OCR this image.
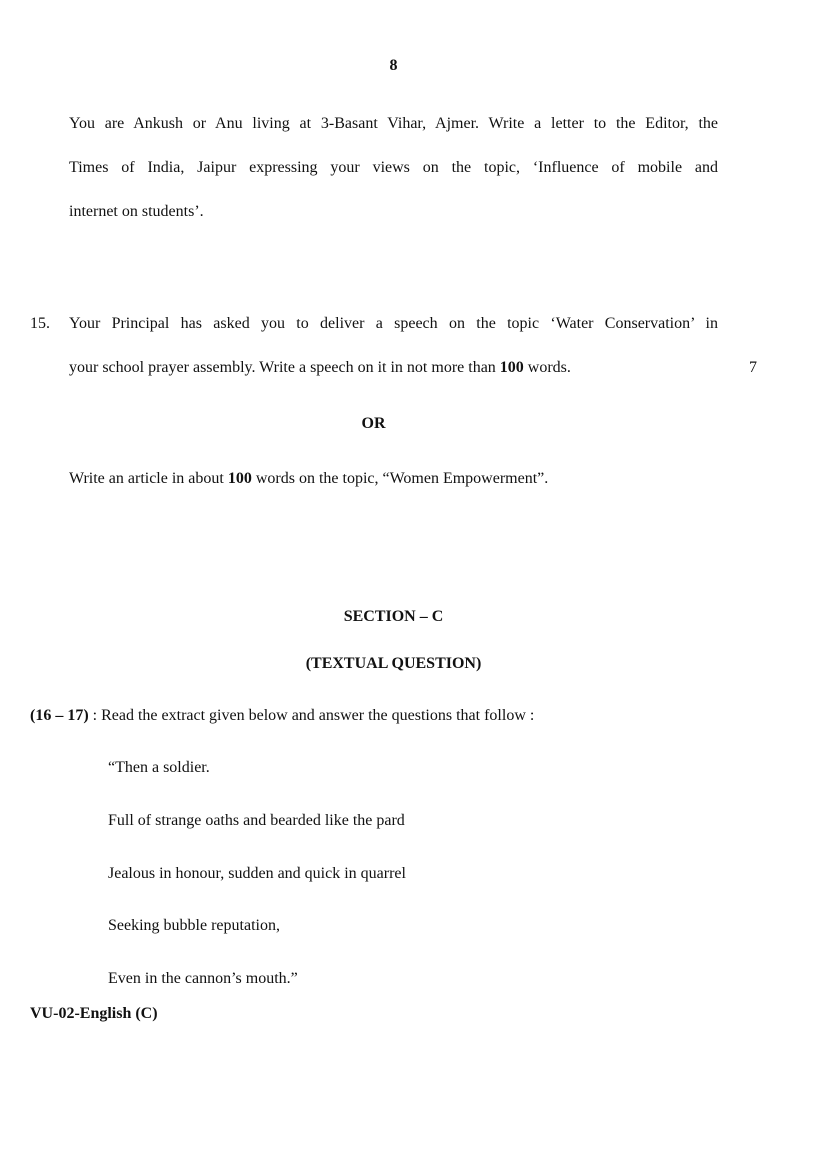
8
You are Ankush or Anu living at 3-Basant Vihar, Ajmer. Write a letter to the Editor, the
Times of India, Jaipur expressing your views on the topic, ‘Influence of mobile and
internet on students’.
15. Your Principal has asked you to deliver a speech on the topic ‘Water Conservation’ in
your school prayer assembly. Write a speech on it in not more than 100 words.	7
OR
Write an article in about 100 words on the topic, “Women Empowerment”.
SECTION – C
(TEXTUAL QUESTION)
(16 – 17) : Read the extract given below and answer the questions that follow :
“Then a soldier.
Full of strange oaths and bearded like the pard
Jealous in honour, sudden and quick in quarrel
Seeking bubble reputation,
Even in the cannon’s mouth.”
VU-02-English (C)
